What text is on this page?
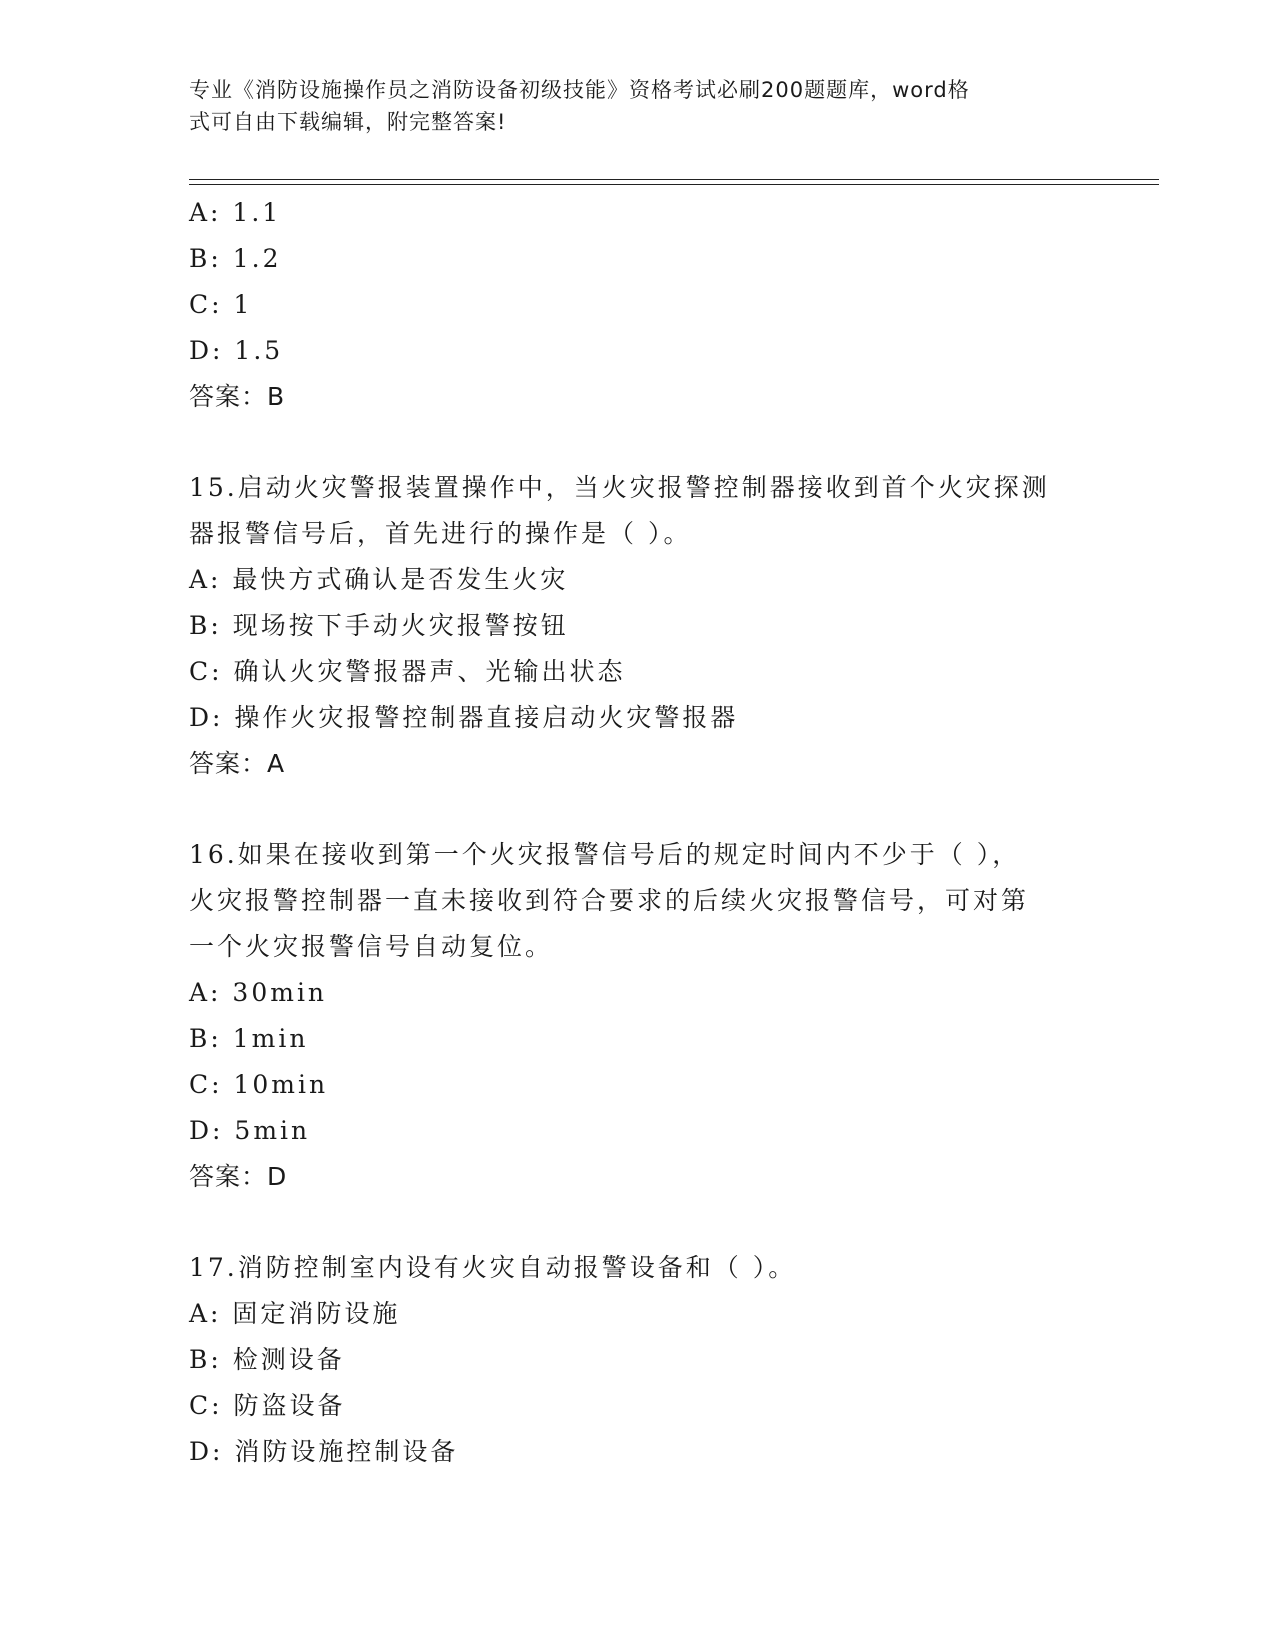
专业《消防设施操作员之消防设备初级技能》资格考试必刷200题题库，word格
式可自由下载编辑，附完整答案!
A: 1.1
B: 1.2
C: 1
D: 1.5
答案：B
15.启动火灾警报装置操作中，当火灾报警控制器接收到首个火灾探测
器报警信号后，首先进行的操作是（ ）。
A: 最快方式确认是否发生火灾
B: 现场按下手动火灾报警按钮
C: 确认火灾警报器声、光输出状态
D: 操作火灾报警控制器直接启动火灾警报器
答案：A
16.如果在接收到第一个火灾报警信号后的规定时间内不少于（ ），
火灾报警控制器一直未接收到符合要求的后续火灾报警信号，可对第
一个火灾报警信号自动复位。
A: 30min
B: 1min
C: 10min
D: 5min
答案：D
17.消防控制室内设有火灾自动报警设备和（ ）。
A: 固定消防设施
B: 检测设备
C: 防盗设备
D: 消防设施控制设备
